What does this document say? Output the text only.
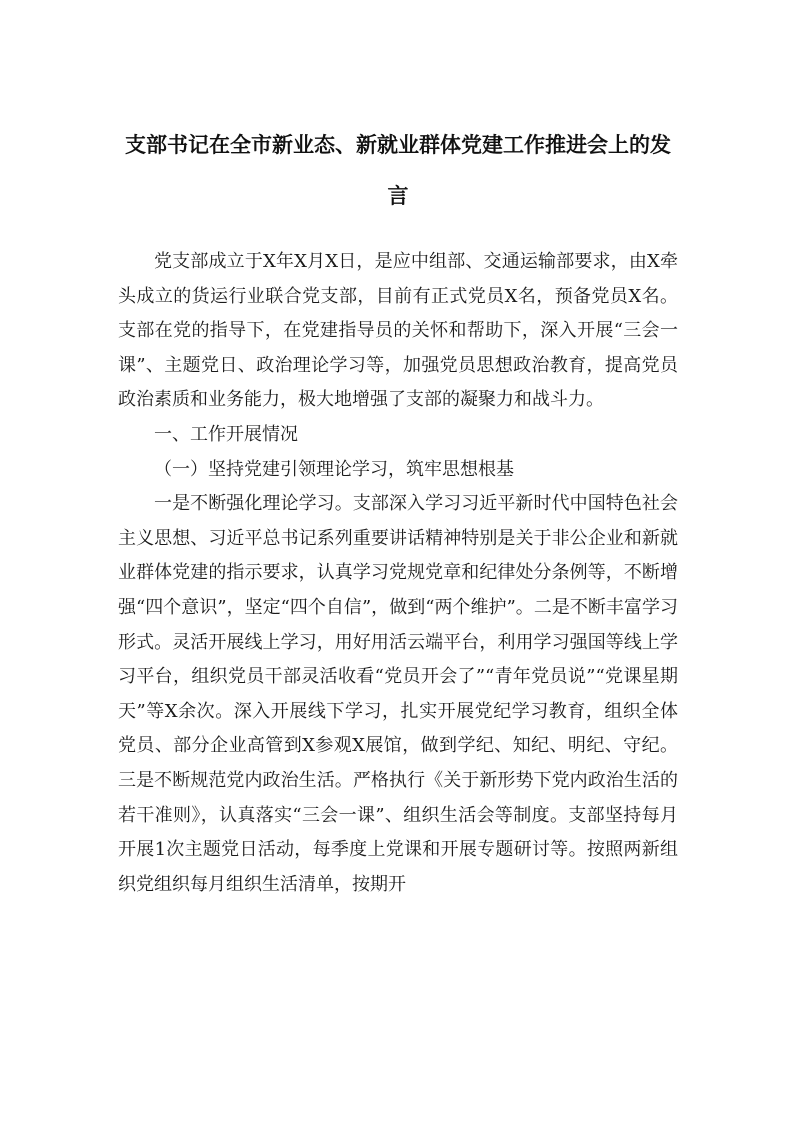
支部书记在全市新业态、新就业群体党建工作推进会上的发
言

党支部成立于X年X月X日，是应中组部、交通运输部要求，由X牵头成立的货运行业联合党支部，目前有正式党员X名，预备党员X名。支部在党的指导下，在党建指导员的关怀和帮助下，深入开展“三会一课”、主题党日、政治理论学习等，加强党员思想政治教育，提高党员政治素质和业务能力，极大地增强了支部的凝聚力和战斗力。

一、工作开展情况

（一）坚持党建引领理论学习，筑牢思想根基

一是不断强化理论学习。支部深入学习习近平新时代中国特色社会主义思想、习近平总书记系列重要讲话精神特别是关于非公企业和新就业群体党建的指示要求，认真学习党规党章和纪律处分条例等，不断增强“四个意识”，坚定“四个自信”，做到“两个维护”。二是不断丰富学习形式。灵活开展线上学习，用好用活云端平台，利用学习强国等线上学习平台，组织党员干部灵活收看“党员开会了”“青年党员说”“党课星期天”等X余次。深入开展线下学习，扎实开展党纪学习教育，组织全体党员、部分企业高管到X参观X展馆，做到学纪、知纪、明纪、守纪。三是不断规范党内政治生活。严格执行《关于新形势下党内政治生活的若干准则》，认真落实“三会一课”、组织生活会等制度。支部坚持每月开展1次主题党日活动，每季度上党课和开展专题研讨等。按照两新组织党组织每月组织生活清单，按期开
